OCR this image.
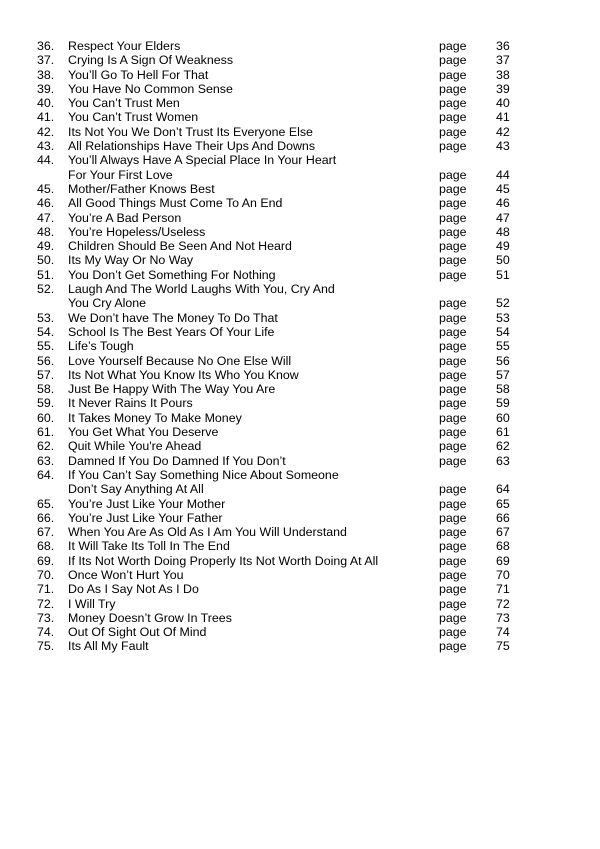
36. Respect Your Elders	page 36
37. Crying Is A Sign Of Weakness	page 37
38. You’ll Go To Hell For That	page 38
39. You Have No Common Sense	page 39
40. You Can’t Trust Men	page 40
41. You Can’t Trust Women	page 41
42. Its Not You We Don’t Trust Its Everyone Else	page 42
43. All Relationships Have Their Ups And Downs	page 43
44. You’ll Always Have A Special Place In Your Heart
For Your First Love	page 44
45. Mother/Father Knows Best	page 45
46. All Good Things Must Come To An End	page 46
47. You’re A Bad Person	page 47
48. You’re Hopeless/Useless	page 48
49. Children Should Be Seen And Not Heard	page 49
50. Its My Way Or No Way	page 50
51. You Don’t Get Something For Nothing	page 51
52. Laugh And The World Laughs With You, Cry And
You Cry Alone	page 52
53. We Don’t have The Money To Do That	page 53
54. School Is The Best Years Of Your Life	page 54
55. Life’s Tough	page 55
56. Love Yourself Because No One Else Will	page 56
57. Its Not What You Know Its Who You Know	page 57
58. Just Be Happy With The Way You Are	page 58
59. It Never Rains It Pours	page 59
60. It Takes Money To Make Money	page 60
61. You Get What You Deserve	page 61
62. Quit While You're Ahead	page 62
63. Damned If You Do Damned If You Don’t	page 63
64. If You Can’t Say Something Nice About Someone
Don’t Say Anything At All	page 64
65. You’re Just Like Your Mother	page 65
66. You’re Just Like Your Father	page 66
67. When You Are As Old As I Am You Will Understand	page 67
68. It Will Take Its Toll In The End	page 68
69. If Its Not Worth Doing Properly Its Not Worth Doing At All	page 69
70. Once Won’t Hurt You	page 70
71. Do As I Say Not As I Do	page 71
72. I Will Try	page 72
73. Money Doesn’t Grow In Trees	page 73
74. Out Of Sight Out Of Mind	page 74
75. Its All My Fault	page 75
